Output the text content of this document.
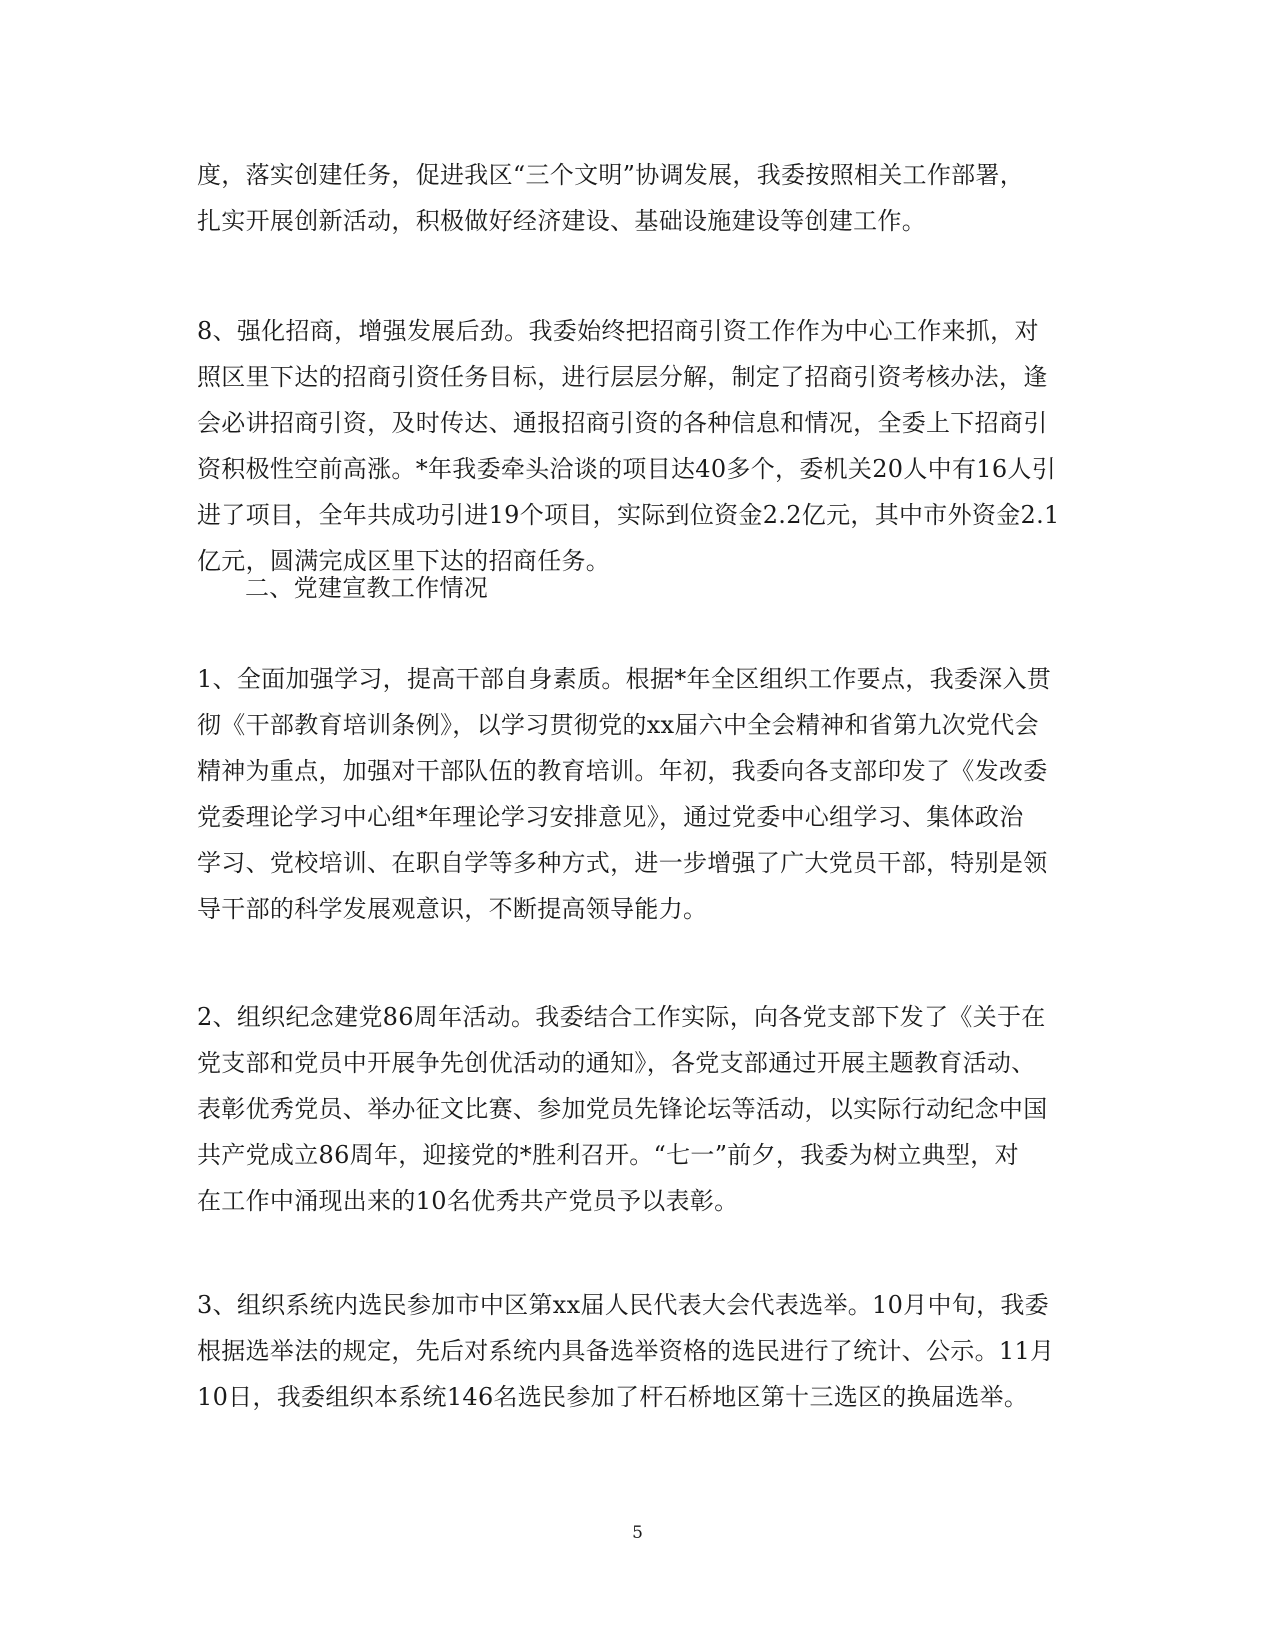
度，落实创建任务，促进我区“三个文明”协调发展，我委按照相关工作部署，
扎实开展创新活动，积极做好经济建设、基础设施建设等创建工作。

8、强化招商，增强发展后劲。我委始终把招商引资工作作为中心工作来抓，对
照区里下达的招商引资任务目标，进行层层分解，制定了招商引资考核办法，逢
会必讲招商引资，及时传达、通报招商引资的各种信息和情况，全委上下招商引
资积极性空前高涨。*年我委牵头洽谈的项目达40多个，委机关20人中有16人引
进了项目，全年共成功引进19个项目，实际到位资金2.2亿元，其中市外资金2.1
亿元，圆满完成区里下达的招商任务。

二、党建宣教工作情况

1、全面加强学习，提高干部自身素质。根据*年全区组织工作要点，我委深入贯
彻《干部教育培训条例》，以学习贯彻党的xx届六中全会精神和省第九次党代会
精神为重点，加强对干部队伍的教育培训。年初，我委向各支部印发了《发改委
党委理论学习中心组*年理论学习安排意见》，通过党委中心组学习、集体政治
学习、党校培训、在职自学等多种方式，进一步增强了广大党员干部，特别是领
导干部的科学发展观意识，不断提高领导能力。

2、组织纪念建党86周年活动。我委结合工作实际，向各党支部下发了《关于在
党支部和党员中开展争先创优活动的通知》，各党支部通过开展主题教育活动、
表彰优秀党员、举办征文比赛、参加党员先锋论坛等活动，以实际行动纪念中国
共产党成立86周年，迎接党的*胜利召开。“七一”前夕，我委为树立典型，对
在工作中涌现出来的10名优秀共产党员予以表彰。

3、组织系统内选民参加市中区第xx届人民代表大会代表选举。10月中旬，我委
根据选举法的规定，先后对系统内具备选举资格的选民进行了统计、公示。11月
10日，我委组织本系统146名选民参加了杆石桥地区第十三选区的换届选举。

5
